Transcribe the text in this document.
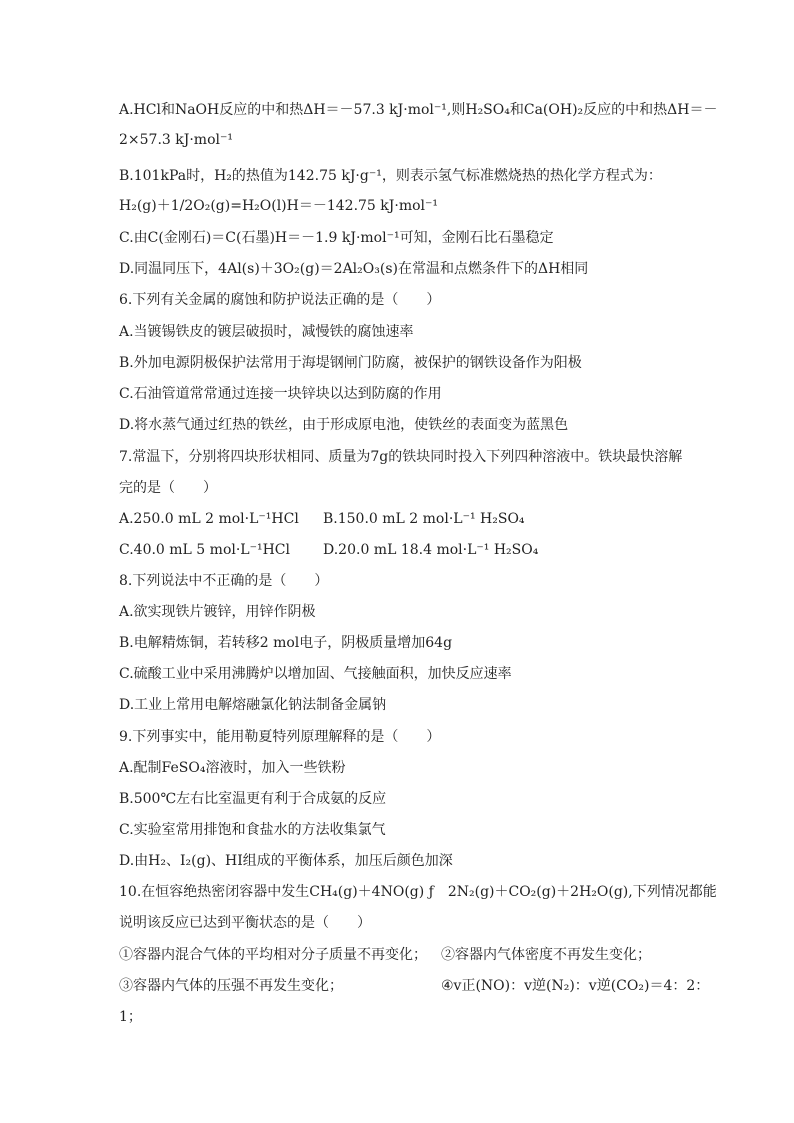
A.HCl和NaOH反应的中和热ΔH＝－57.3 kJ·mol⁻¹,则H₂SO₄和Ca(OH)₂反应的中和热ΔH＝－
2×57.3 kJ·mol⁻¹
B.101kPa时，H₂的热值为142.75 kJ·g⁻¹，则表示氢气标准燃烧热的热化学方程式为：
H₂(g)＋1/2O₂(g)=H₂O(l)H＝－142.75 kJ·mol⁻¹
C.由C(金刚石)＝C(石墨)H＝－1.9 kJ·mol⁻¹可知，金刚石比石墨稳定
D.同温同压下，4Al(s)＋3O₂(g)＝2Al₂O₃(s)在常温和点燃条件下的ΔH相同
6.下列有关金属的腐蚀和防护说法正确的是（　　）
A.当镀锡铁皮的镀层破损时，减慢铁的腐蚀速率
B.外加电源阴极保护法常用于海堤钢闸门防腐，被保护的钢铁设备作为阳极
C.石油管道常常通过连接一块锌块以达到防腐的作用
D.将水蒸气通过红热的铁丝，由于形成原电池，使铁丝的表面变为蓝黑色
7.常温下，分别将四块形状相同、质量为7g的铁块同时投入下列四种溶液中。铁块最快溶解
完的是（　　）
A.250.0 mL 2 mol·L⁻¹HCl B.150.0 mL 2 mol·L⁻¹ H₂SO₄
C.40.0 mL 5 mol·L⁻¹HCl D.20.0 mL 18.4 mol·L⁻¹ H₂SO₄
8.下列说法中不正确的是（　　）
A.欲实现铁片镀锌，用锌作阴极
B.电解精炼铜，若转移2 mol电子，阴极质量增加64g
C.硫酸工业中采用沸腾炉以增加固、气接触面积，加快反应速率
D.工业上常用电解熔融氯化钠法制备金属钠
9.下列事实中，能用勒夏特列原理解释的是（　　）
A.配制FeSO₄溶液时，加入一些铁粉
B.500℃左右比室温更有利于合成氨的反应
C.实验室常用排饱和食盐水的方法收集氯气
D.由H₂、I₂(g)、HI组成的平衡体系，加压后颜色加深
10.在恒容绝热密闭容器中发生CH₄(g)＋4NO(g) ƒ　2N₂(g)＋CO₂(g)＋2H₂O(g),下列情况都能
说明该反应已达到平衡状态的是（　　）
①容器内混合气体的平均相对分子质量不再变化； ②容器内气体密度不再发生变化；
③容器内气体的压强不再发生变化；	④v正(NO)：v逆(N₂)：v逆(CO₂)＝4：2：
1；
